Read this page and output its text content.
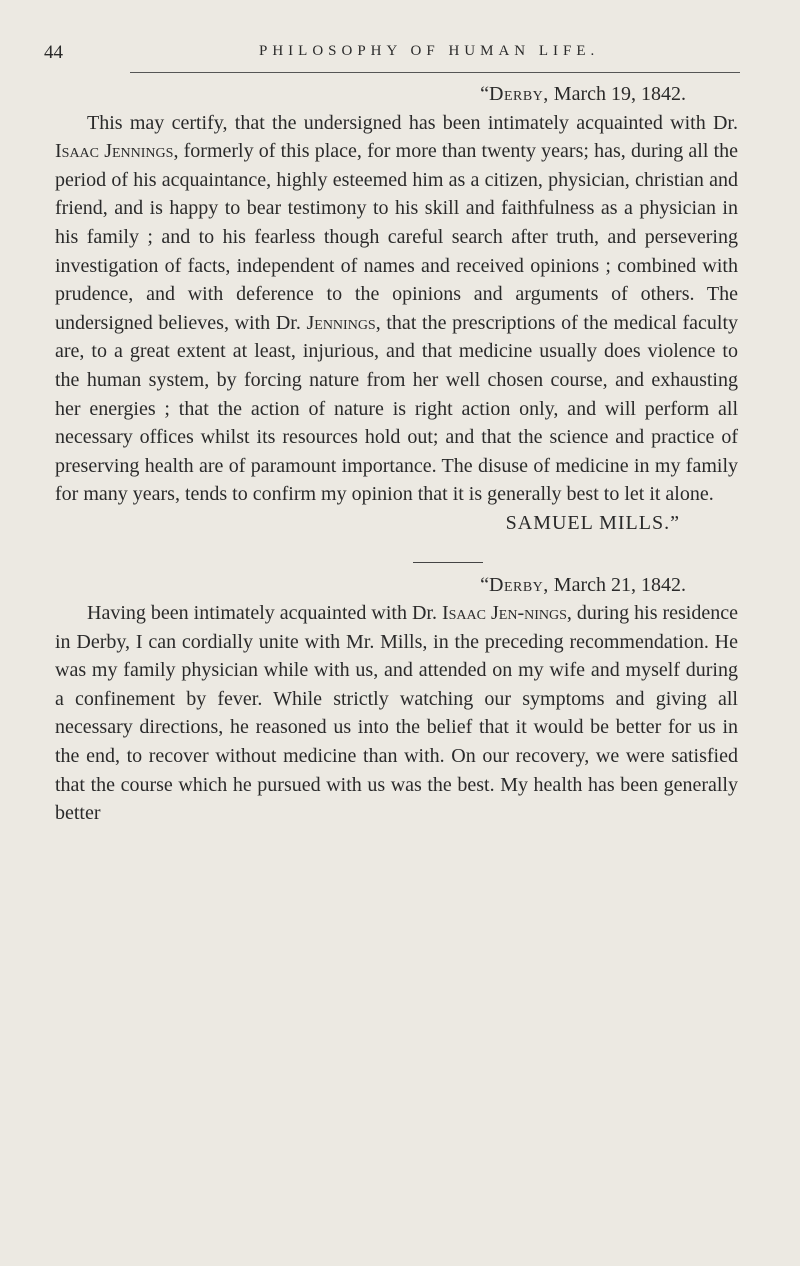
44	PHILOSOPHY OF HUMAN LIFE.
“Derby, March 19, 1842.

This may certify, that the undersigned has been intimately acquainted with Dr. Isaac Jennings, formerly of this place, for more than twenty years; has, during all the period of his acquaintance, highly esteemed him as a citizen, physician, christian and friend, and is happy to bear testimony to his skill and faithfulness as a physician in his family ; and to his fearless though careful search after truth, and persevering investigation of facts, independent of names and received opinions ; combined with prudence, and with deference to the opinions and arguments of others. The undersigned believes, with Dr. Jennings, that the prescriptions of the medical faculty are, to a great extent at least, injurious, and that medicine usually does violence to the human system, by forcing nature from her well chosen course, and exhausting her energies ; that the action of nature is right action only, and will perform all necessary offices whilst its resources hold out; and that the science and practice of preserving health are of paramount importance. The disuse of medicine in my family for many years, tends to confirm my opinion that it is generally best to let it alone.

SAMUEL MILLS.”
“Derby, March 21, 1842.

Having been intimately acquainted with Dr. Isaac Jen-nings, during his residence in Derby, I can cordially unite with Mr. Mills, in the preceding recommendation. He was my family physician while with us, and attended on my wife and myself during a confinement by fever. While strictly watching our symptoms and giving all necessary directions, he reasoned us into the belief that it would be better for us in the end, to recover without medicine than with. On our recovery, we were satisfied that the course which he pursued with us was the best. My health has been generally better
